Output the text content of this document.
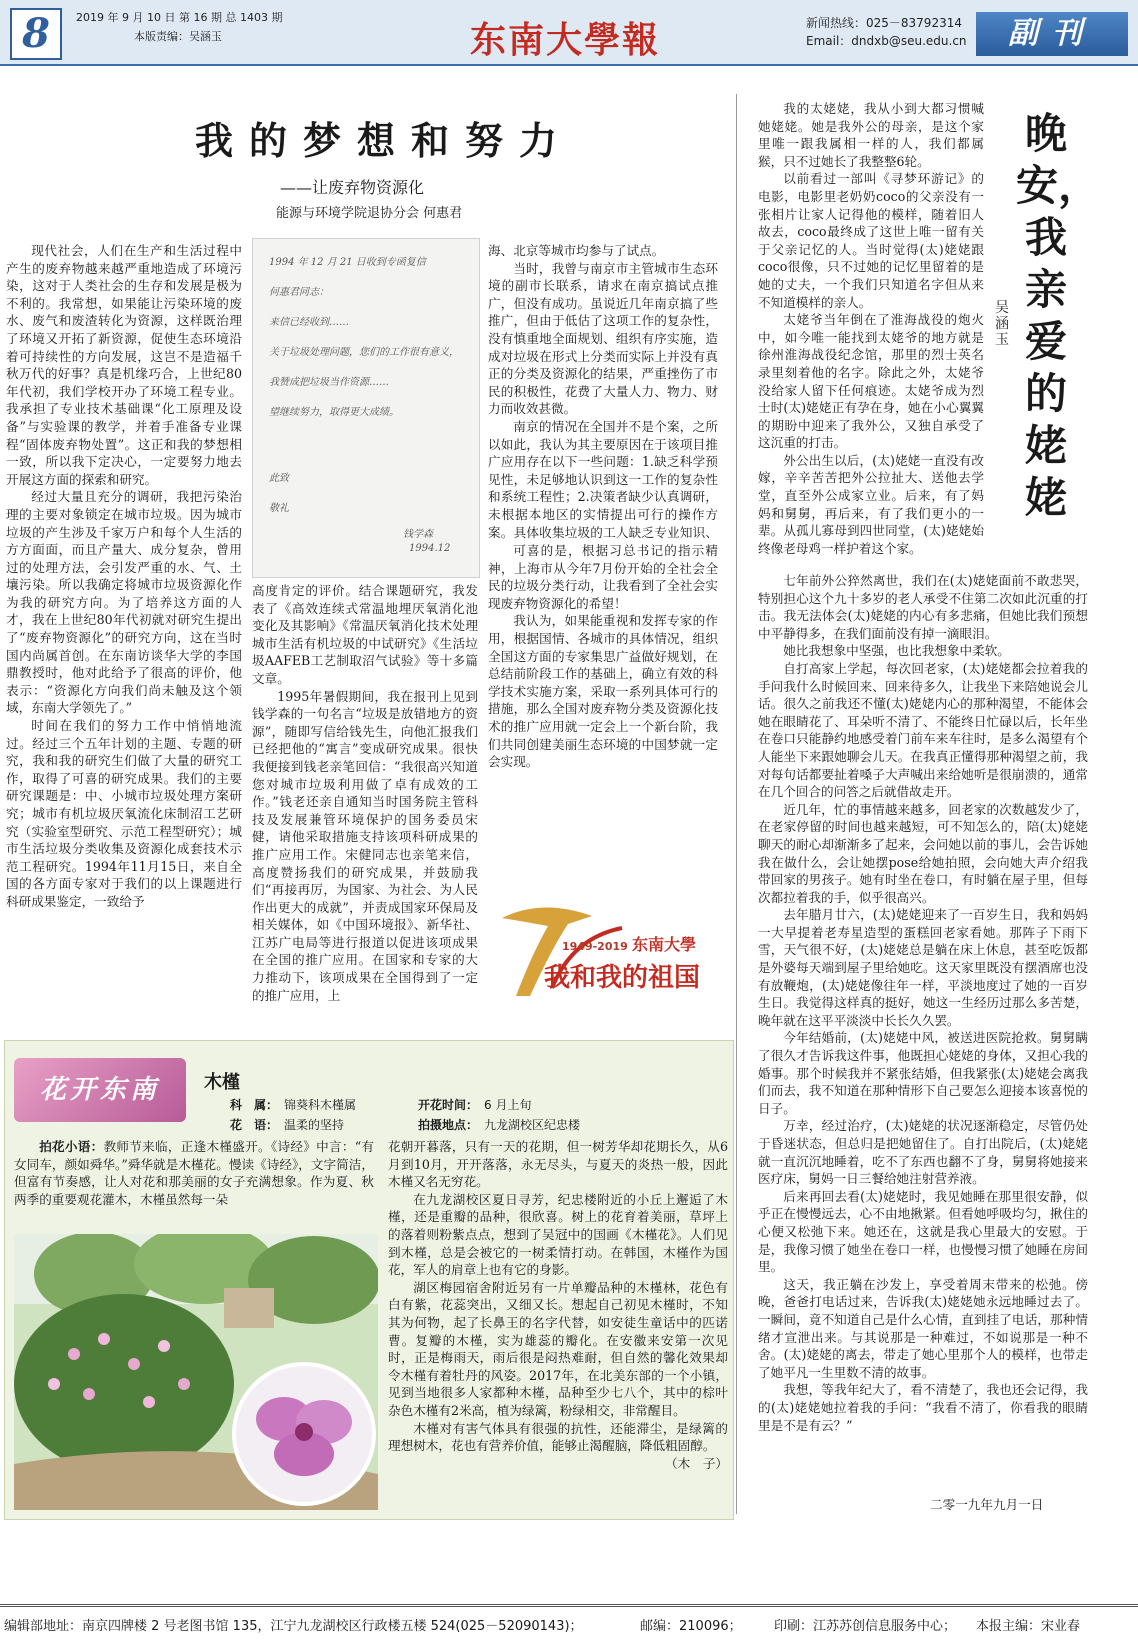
8	2019 年 9 月 10 日 第 16 期 总 1403 期
本版责编：吴涵玉	东南大學報	新闻热线：025－83792314
Email：dndxb@seu.edu.cn	副刊
我的梦想和努力
——让废弃物资源化
能源与环境学院退协分会 何惠君

现代社会，人们在生产和生活过程中产生的废弃物越来越严重地造成了环境污染，这对于人类社会的生存和发展是极为不利的。我常想，如果能让污染环境的废水、废气和废渣转化为资源，这样既治理了环境又开拓了新资源，促使生态环境沿着可持续性的方向发展，这岂不是造福千秋万代的好事？真是机缘巧合，上世纪80年代初，我们学校开办了环境工程专业。我承担了专业技术基础课“化工原理及设备”与实验课的教学，并着手准备专业课程“固体废弃物处置”。这正和我的梦想相一致，所以我下定决心，一定要努力地去开展这方面的探索和研究。

经过大量且充分的调研，我把污染治理的主要对象锁定在城市垃圾。因为城市垃圾的产生涉及千家万户和每个人生活的方方面面，而且产量大、成分复杂，曾用过的处理方法，会引发严重的水、气、土壤污染。所以我确定将城市垃圾资源化作为我的研究方向。为了培养这方面的人才，我在上世纪80年代初就对研究生提出了“废弃物资源化”的研究方向，这在当时国内尚属首创。在东南访谈华大学的李国鼎教授时，他对此给予了很高的评价，他表示：“资源化方向我们尚未触及这个领域，东南大学领先了。”

时间在我们的努力工作中悄悄地流过。经过三个五年计划的主题、专题的研究，我和我的研究生们做了大量的研究工作，取得了可喜的研究成果。我们的主要研究课题是：中、小城市垃圾处理方案研究；城市有机垃圾厌氧流化床制沼工艺研究（实验室型研究、示范工程型研究）；城市生活垃圾分类收集及资源化成套技术示范工程研究。1994年11月15日，来自全国的各方面专家对于我们的以上课题进行科研成果鉴定，一致给予

1994 年 12 月 21 日收到专函复信
何惠君同志：
来信已经收到……
关于垃圾处理问题，您们的工作很有意义，
我赞成把垃圾当作资源……
望继续努力，取得更大成绩。
此致
敬礼
钱学森
1994.12

高度肯定的评价。结合课题研究，我发表了《高效连续式常温地埋厌氧消化池变化及其影响》《常温厌氧消化技术处理城市生活有机垃圾的中试研究》《生活垃圾AAFEB工艺制取沼气试验》等十多篇文章。

1995年暑假期间，我在报刊上见到钱学森的一句名言“垃圾是放错地方的资源”，随即写信给钱先生，向他汇报我们已经把他的“寓言”变成研究成果。很快我便接到钱老亲笔回信：“我很高兴知道您对城市垃圾利用做了卓有成效的工作。”钱老还亲自通知当时国务院主管科技及发展兼管环境保护的国务委员宋健，请他采取措施支持该项科研成果的推广应用工作。宋健同志也亲笔来信，高度赞扬我们的研究成果，并鼓励我们“再接再厉，为国家、为社会、为人民作出更大的成就”，并责成国家环保局及相关媒体，如《中国环境报》、新华社、江苏广电局等进行报道以促进该项成果在全国的推广应用。在国家和专家的大力推动下，该项成果在全国得到了一定的推广应用，上

海、北京等城市均参与了试点。

当时，我曾与南京市主管城市生态环境的副市长联系，请求在南京搞试点推广，但没有成功。虽说近几年南京搞了些推广，但由于低估了这项工作的复杂性，没有慎重地全面规划、组织有序实施，造成对垃圾在形式上分类而实际上并没有真正的分类及资源化的结果，严重挫伤了市民的积极性，花费了大量人力、物力、财力而收效甚微。

南京的情况在全国并不是个案，之所以如此，我认为其主要原因在于该项目推广应用存在以下一些问题：1.缺乏科学预见性，未足够地认识到这一工作的复杂性和系统工程性；2.决策者缺少认真调研，未根据本地区的实情提出可行的操作方案。具体收集垃圾的工人缺乏专业知识、

可喜的是，根据习总书记的指示精神，上海市从今年7月份开始的全社会全民的垃圾分类行动，让我看到了全社会实现废弃物资源化的希望！

我认为，如果能重视和发挥专家的作用，根据国情、各城市的具体情况，组织全国这方面的专家集思广益做好规划，在总结前阶段工作的基础上，确立有效的科学技术实施方案，采取一系列具体可行的措施，那么全国对废弃物分类及资源化技术的推广应用就一定会上一个新台阶，我们共同创建美丽生态环境的中国梦就一定会实现。

1949-2019 东南大學
我和我的祖国
花开东南	木槿
科　属： 锦葵科木槿属	开花时间： 6 月上旬
花　语： 温柔的坚持	拍摄地点： 九龙湖校区纪忠楼

拍花小语：教师节来临，正逢木槿盛开。《诗经》中言：“有女同车，颜如舜华。”舜华就是木槿花。慢读《诗经》，文字简洁，但富有节奏感，让人对花和那美丽的女子充满想象。作为夏、秋两季的重要观花灌木，木槿虽然每一朵

花朝开暮落，只有一天的花期，但一树芳华却花期长久，从6月到10月，开开落落，永无尽头，与夏天的炎热一般，因此木槿又名无穷花。

在九龙湖校区夏日寻芳，纪忠楼附近的小丘上邂逅了木槿，还是重瓣的品种，很欣喜。树上的花育着美丽，草坪上的落着则粉紫点点，想到了吴冠中的国画《木槿花》。人们见到木槿，总是会被它的一树柔情打动。在韩国，木槿作为国花，军人的肩章上也有它的身影。

湖区梅园宿舍附近另有一片单瓣品种的木槿林，花色有白有紫，花蕊突出，又细又长。想起自己初见木槿时，不知其为何物，起了长鼻王的名字代替，如安徒生童话中的匹诺曹。复瓣的木槿，实为雄蕊的瓣化。在安徽来安第一次见时，正是梅雨天，雨后很是闷热难耐，但自然的馨化效果却令木槿有着牡丹的风姿。2017年，在北美东部的一个小镇，见到当地很多人家都种木槿，品种至少七八个，其中的棕叶杂色木槿有2米高，植为绿篱，粉绿相交，非常醒目。

木槿对有害气体具有很强的抗性，还能滞尘，是绿篱的理想树木，花也有营养价值，能够止渴醒脑，降低粗固醇。
（木　子）

晚安，我亲爱的姥姥
吴涵玉

我的太姥姥，我从小到大都习惯喊她姥姥。她是我外公的母亲，是这个家里唯一跟我属相一样的人，我们都属猴，只不过她长了我整整6轮。

以前看过一部叫《寻梦环游记》的电影，电影里老奶奶coco的父亲没有一张相片让家人记得他的模样，随着旧人故去，coco最终成了这世上唯一留有关于父亲记忆的人。当时觉得(太)姥姥跟coco很像，只不过她的记忆里留着的是她的丈夫，一个我们只知道名字但从来不知道模样的亲人。

太姥爷当年倒在了淮海战役的炮火中，如今唯一能找到太姥爷的地方就是徐州淮海战役纪念馆，那里的烈士英名录里刻着他的名字。除此之外，太姥爷没给家人留下任何痕迹。太姥爷成为烈士时(太)姥姥正有孕在身，她在小心翼翼的期盼中迎来了我外公，又独自承受了这沉重的打击。

外公出生以后，(太)姥姥一直没有改嫁，辛辛苦苦把外公拉扯大、送他去学堂，直至外公成家立业。后来，有了妈妈和舅舅，再后来，有了我们更小的一辈。从孤儿寡母到四世同堂，(太)姥姥始终像老母鸡一样护着这个家。

七年前外公猝然离世，我们在(太)姥姥面前不敢悲哭，特别担心这个九十多岁的老人承受不住第二次如此沉重的打击。我无法体会(太)姥姥的内心有多悲痛，但她比我们预想中平静得多，在我们面前没有掉一滴眼泪。

她比我想象中坚强，也比我想象中柔软。

自打高家上学起，每次回老家，(太)姥姥都会拉着我的手问我什么时候回来、回来待多久，让我坐下来陪她说会儿话。很久之前我还不懂(太)姥姥内心的那种渴望，不能体会她在眼睛花了、耳朵听不清了、不能终日忙碌以后，长年坐在卷口只能静约地感受着门前车来车往时，是多么渴望有个人能坐下来跟她聊会儿天。在我真正懂得那种渴望之前，我对每句话都要扯着嗓子大声喊出来给她听是很崩溃的，通常在几个回合的问答之后就借故走开。

近几年，忙的事情越来越多，回老家的次数越发少了，在老家停留的时间也越来越短，可不知怎么的，陪(太)姥姥聊天的耐心却渐渐多了起来，会问她以前的事儿，会告诉她我在做什么，会让她摆pose给她拍照，会向她大声介绍我带回家的男孩子。她有时坐在卷口，有时躺在屋子里，但每次都拉着我的手，似乎很高兴。

去年腊月廿六，(太)姥姥迎来了一百岁生日，我和妈妈一大早提着老寿星造型的蛋糕回老家看她。那阵子下雨下雪，天气很不好，(太)姥姥总是躺在床上休息，甚至吃饭都是外婆每天端到屋子里给她吃。这天家里既没有摆酒席也没有放鞭炮，(太)姥姥像往年一样，平淡地度过了她的一百岁生日。我觉得这样真的挺好，她这一生经历过那么多苦楚，晚年就在这平平淡淡中长长久久罢。

今年结婚前，(太)姥姥中风，被送进医院抢救。舅舅瞒了很久才告诉我这件事，他既担心姥姥的身体，又担心我的婚事。那个时候我并不紧张结婚，但我紧张(太)姥姥会离我们而去，我不知道在那种情形下自己要怎么迎接本该喜悦的日子。

万幸，经过治疗，(太)姥姥的状况逐渐稳定，尽管仍处于昏迷状态，但总归是把她留住了。自打出院后，(太)姥姥就一直沉沉地睡着，吃不了东西也翻不了身，舅舅将她接来医疗床，舅妈一日三餐给她注射营养液。

后来再回去看(太)姥姥时，我见她睡在那里很安静，似乎正在慢慢远去，心不由地揪紧。但看她呼吸均匀，揪住的心便又松弛下来。她还在，这就是我心里最大的安慰。于是，我像习惯了她坐在卷口一样，也慢慢习惯了她睡在房间里。

这天，我正躺在沙发上，享受着周末带来的松弛。傍晚，爸爸打电话过来，告诉我(太)姥姥她永远地睡过去了。一瞬间，竟不知道自己是什么心情，直到挂了电话，那种情绪才宣泄出来。与其说那是一种难过，不如说那是一种不舍。(太)姥姥的离去，带走了她心里那个人的模样，也带走了她平凡一生里数不清的故事。

我想，等我年纪大了，看不清楚了，我也还会记得，我的(太)姥姥她拉着我的手问：“我看不清了，你看我的眼睛里是不是有云？”

二零一九年九月一日
编辑部地址：南京四牌楼 2 号老图书馆 135，江宁九龙湖校区行政楼五楼 524(025－52090143)；	邮编：210096； 印刷：江苏苏创信息服务中心； 本报主编：宋业春
